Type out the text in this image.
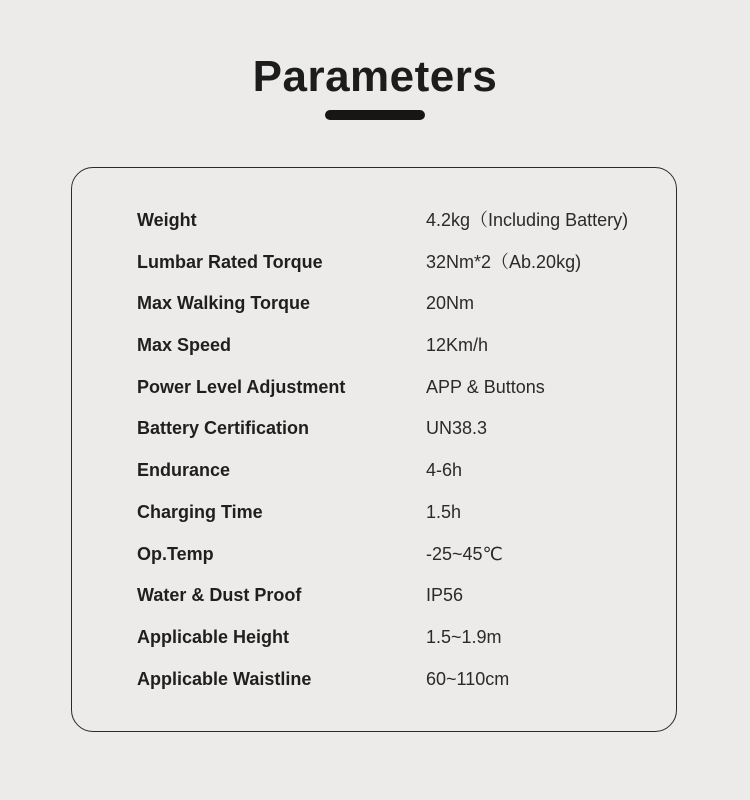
Parameters
Weight	4.2kg（Including Battery)
Lumbar Rated Torque	32Nm*2（Ab.20kg)
Max Walking Torque	20Nm
Max Speed	12Km/h
Power Level Adjustment	APP & Buttons
Battery Certification	UN38.3
Endurance	4-6h
Charging Time	1.5h
Op.Temp	-25~45℃
Water & Dust Proof	IP56
Applicable Height	1.5~1.9m
Applicable Waistline	60~110cm
